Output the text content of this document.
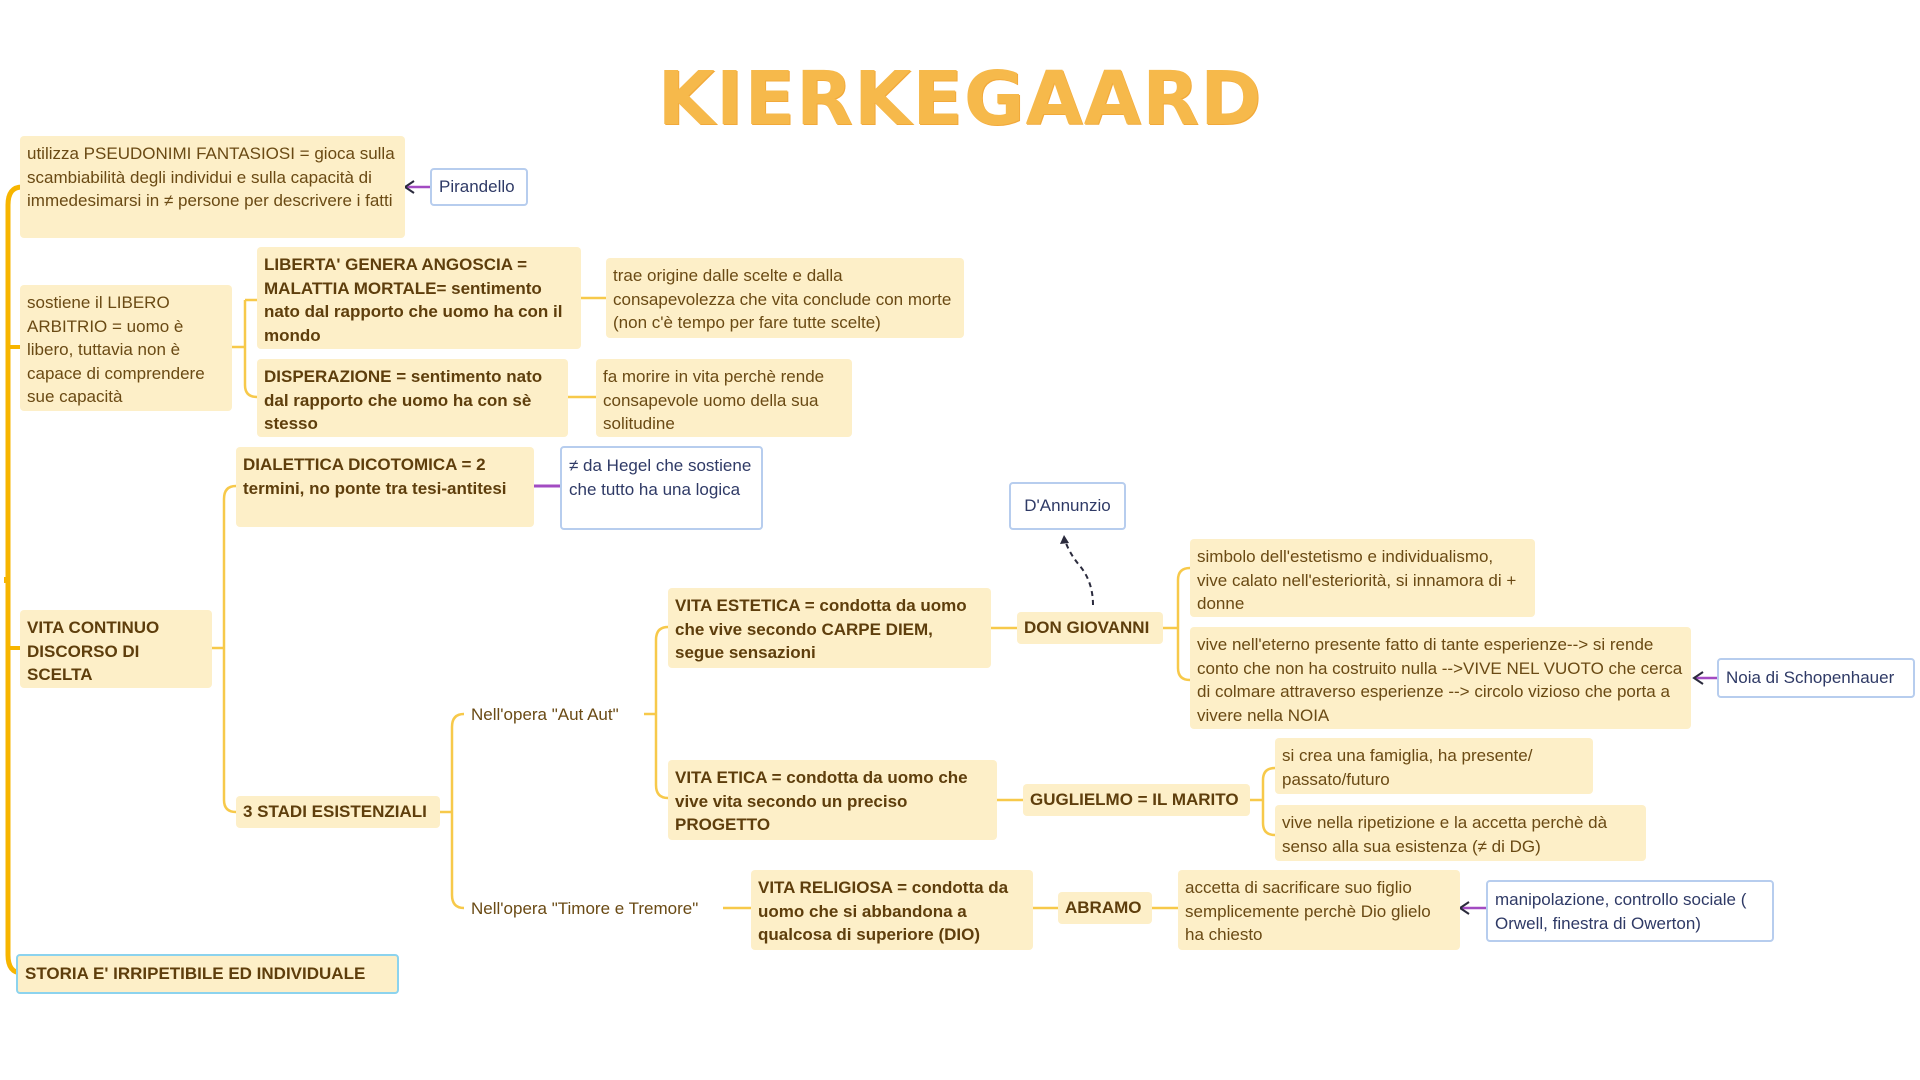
KIERKEGAARD
utilizza PSEUDONIMI FANTASIOSI = gioca sulla scambiabilità degli individui e sulla capacità di immedesimarsi in ≠ persone per descrivere i fatti
Pirandello
sostiene il LIBERO ARBITRIO = uomo è libero, tuttavia non è capace di comprendere sue capacità
LIBERTA' GENERA ANGOSCIA = MALATTIA MORTALE= sentimento nato dal rapporto che uomo ha con il mondo
trae origine dalle scelte e dalla consapevolezza che vita conclude con morte (non c'è tempo per fare tutte scelte)
DISPERAZIONE = sentimento nato dal rapporto che uomo ha con sè stesso
fa morire in vita perchè rende consapevole uomo della sua solitudine
DIALETTICA DICOTOMICA = 2 termini, no ponte tra tesi-antitesi
≠ da Hegel che sostiene che tutto ha una logica
VITA CONTINUO DISCORSO DI SCELTA
3 STADI ESISTENZIALI
Nell'opera "Aut Aut"
Nell'opera "Timore e Tremore"
VITA ESTETICA = condotta da uomo che vive secondo CARPE DIEM, segue sensazioni
VITA ETICA = condotta da uomo che vive vita secondo un preciso PROGETTO
VITA RELIGIOSA = condotta da uomo che si abbandona a qualcosa di superiore (DIO)
DON GIOVANNI
D'Annunzio
simbolo dell'estetismo e individualismo, vive calato nell'esteriorità, si innamora di + donne
vive nell'eterno presente fatto di tante esperienze--> si rende conto che non ha costruito nulla -->VIVE NEL VUOTO che cerca di colmare attraverso esperienze --> circolo vizioso che porta a vivere nella NOIA
Noia di Schopenhauer
GUGLIELMO = IL MARITO
si crea una famiglia, ha presente/ passato/futuro
vive nella ripetizione e la accetta perchè dà senso alla sua esistenza (≠ di DG)
ABRAMO
accetta di sacrificare suo figlio semplicemente perchè Dio glielo ha chiesto
manipolazione, controllo sociale ( Orwell, finestra di Owerton)
STORIA E' IRRIPETIBILE ED INDIVIDUALE
